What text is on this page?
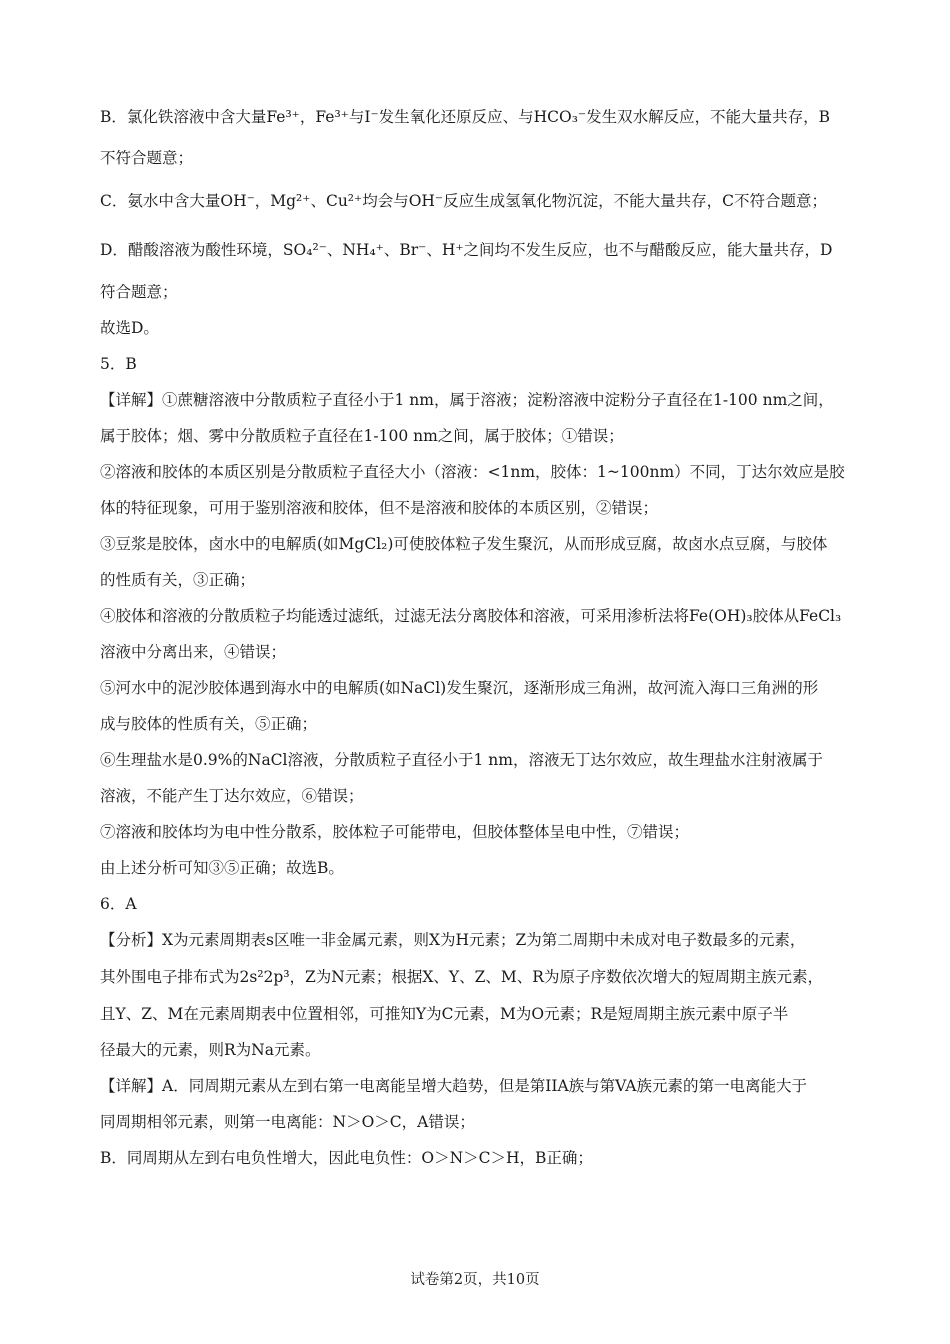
B．氯化铁溶液中含大量Fe³⁺，Fe³⁺与I⁻发生氧化还原反应、与HCO₃⁻发生双水解反应，不能大量共存，B
不符合题意；
C．氨水中含大量OH⁻，Mg²⁺、Cu²⁺均会与OH⁻反应生成氢氧化物沉淀，不能大量共存，C不符合题意；
D．醋酸溶液为酸性环境，SO₄²⁻、NH₄⁺、Br⁻、H⁺之间均不发生反应，也不与醋酸反应，能大量共存，D
符合题意；
故选D。
5．B
【详解】①蔗糖溶液中分散质粒子直径小于1 nm，属于溶液；淀粉溶液中淀粉分子直径在1-100 nm之间，
属于胶体；烟、雾中分散质粒子直径在1-100 nm之间，属于胶体；①错误；
②溶液和胶体的本质区别是分散质粒子直径大小（溶液：<1nm，胶体：1~100nm）不同，丁达尔效应是胶
体的特征现象，可用于鉴别溶液和胶体，但不是溶液和胶体的本质区别，②错误；
③豆浆是胶体，卤水中的电解质(如MgCl₂)可使胶体粒子发生聚沉，从而形成豆腐，故卤水点豆腐，与胶体
的性质有关，③正确；
④胶体和溶液的分散质粒子均能透过滤纸，过滤无法分离胶体和溶液，可采用渗析法将Fe(OH)₃胶体从FeCl₃
溶液中分离出来，④错误；
⑤河水中的泥沙胶体遇到海水中的电解质(如NaCl)发生聚沉，逐渐形成三角洲，故河流入海口三角洲的形
成与胶体的性质有关，⑤正确；
⑥生理盐水是0.9%的NaCl溶液，分散质粒子直径小于1 nm，溶液无丁达尔效应，故生理盐水注射液属于
溶液，不能产生丁达尔效应，⑥错误；
⑦溶液和胶体均为电中性分散系，胶体粒子可能带电，但胶体整体呈电中性，⑦错误；
由上述分析可知③⑤正确；故选B。
6．A
【分析】X为元素周期表s区唯一非金属元素，则X为H元素；Z为第二周期中未成对电子数最多的元素，
其外围电子排布式为2s²2p³，Z为N元素；根据X、Y、Z、M、R为原子序数依次增大的短周期主族元素，
且Y、Z、M在元素周期表中位置相邻，可推知Y为C元素，M为O元素；R是短周期主族元素中原子半
径最大的元素，则R为Na元素。
【详解】A．同周期元素从左到右第一电离能呈增大趋势，但是第IIA族与第VA族元素的第一电离能大于
同周期相邻元素，则第一电离能：N＞O＞C，A错误；
B．同周期从左到右电负性增大，因此电负性：O＞N＞C＞H，B正确；
试卷第2页，共10页
